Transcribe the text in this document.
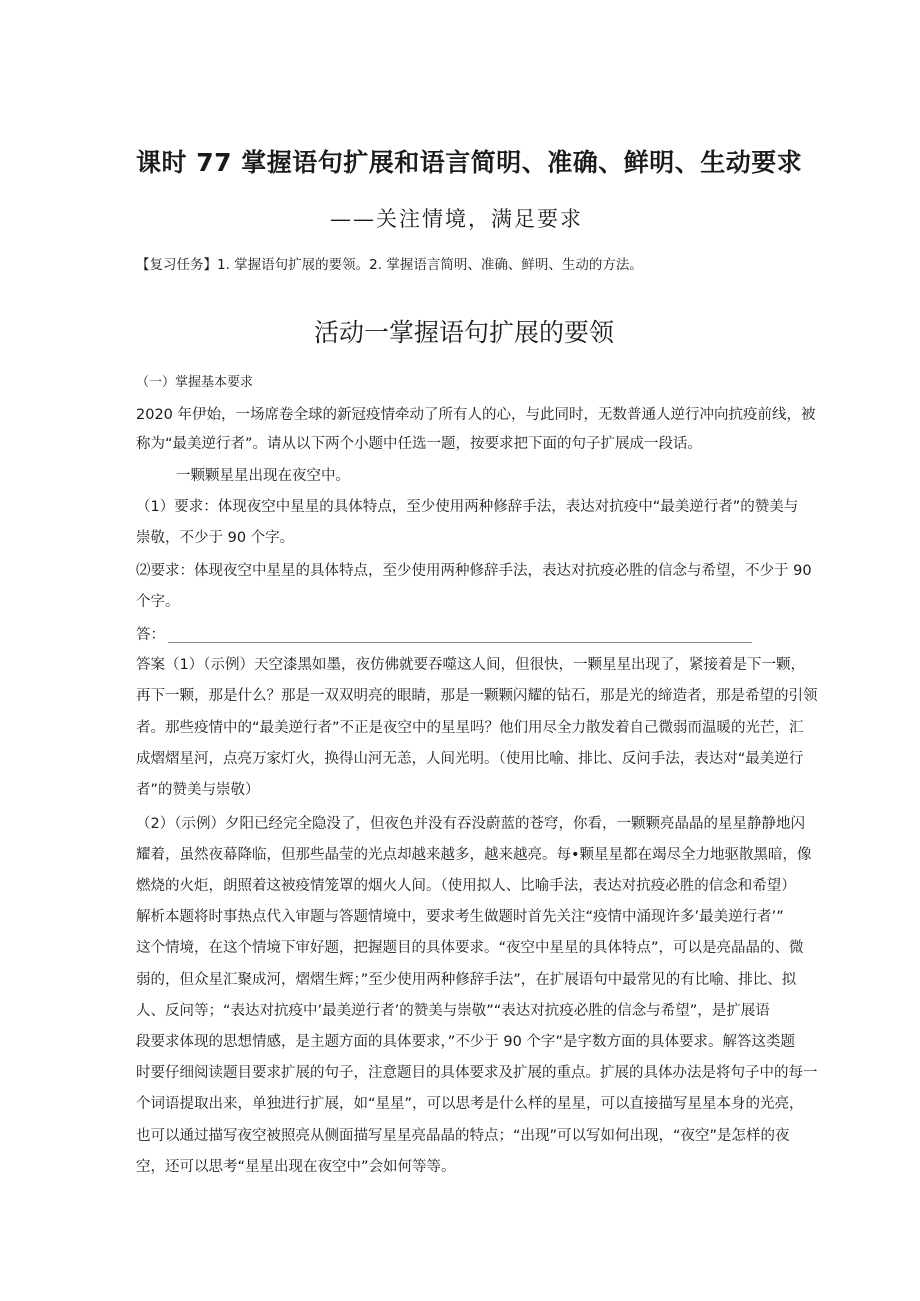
课时 77 掌握语句扩展和语言简明、准确、鲜明、生动要求
——关注情境，满足要求
【复习任务】1. 掌握语句扩展的要领。2. 掌握语言简明、准确、鲜明、生动的方法。
活动一掌握语句扩展的要领
（一）掌握基本要求
2020 年伊始，一场席卷全球的新冠疫情牵动了所有人的心，与此同时，无数普通人逆行冲向抗疫前线，被
称为“最美逆行者”。请从以下两个小题中任选一题，按要求把下面的句子扩展成一段话。
一颗颗星星出现在夜空中。
（1）要求：体现夜空中星星的具体特点，至少使用两种修辞手法，表达对抗疫中“最美逆行者”的赞美与
崇敬，不少于 90 个字。
⑵要求：体现夜空中星星的具体特点，至少使用两种修辞手法，表达对抗疫必胜的信念与希望，不少于 90
个字。
答：
答案（1）（示例）天空漆黑如墨，夜仿佛就要吞噬这人间，但很快，一颗星星出现了，紧接着是下一颗，
再下一颗，那是什么？那是一双双明亮的眼睛，那是一颗颗闪耀的钻石，那是光的缔造者，那是希望的引领
者。那些疫情中的“最美逆行者”不正是夜空中的星星吗？他们用尽全力散发着自己微弱而温暖的光芒，汇
成熠熠星河，点亮万家灯火，换得山河无恙，人间光明。（使用比喻、排比、反问手法，表达对“最美逆行
者”的赞美与崇敬）
（2）（示例）夕阳已经完全隐没了，但夜色并没有吞没蔚蓝的苍穹，你看，一颗颗亮晶晶的星星静静地闪
耀着，虽然夜幕降临，但那些晶莹的光点却越来越多，越来越亮。每•颗星星都在竭尽全力地驱散黑暗，像
燃烧的火炬，朗照着这被疫情笼罩的烟火人间。（使用拟人、比喻手法，表达对抗疫必胜的信念和希望）
解析本题将时事热点代入审题与答题情境中，要求考生做题时首先关注“疫情中涌现许多’最美逆行者’”
这个情境，在这个情境下审好题，把握题目的具体要求。“夜空中星星的具体特点”，可以是亮晶晶的、微
弱的，但众星汇聚成河，熠熠生辉；”至少使用两种修辞手法”，在扩展语句中最常见的有比喻、排比、拟
人、反问等；“表达对抗疫中’最美逆行者’的赞美与崇敬”“表达对抗疫必胜的信念与希望”，是扩展语
段要求体现的思想情感，是主题方面的具体要求，”不少于 90 个字”是字数方面的具体要求。解答这类题
时要仔细阅读题目要求扩展的句子，注意题目的具体要求及扩展的重点。扩展的具体办法是将句子中的每一
个词语提取出来，单独进行扩展，如“星星”，可以思考是什么样的星星，可以直接描写星星本身的光亮，
也可以通过描写夜空被照亮从侧面描写星星亮晶晶的特点；“出现”可以写如何出现，“夜空”是怎样的夜
空，还可以思考“星星出现在夜空中”会如何等等。
